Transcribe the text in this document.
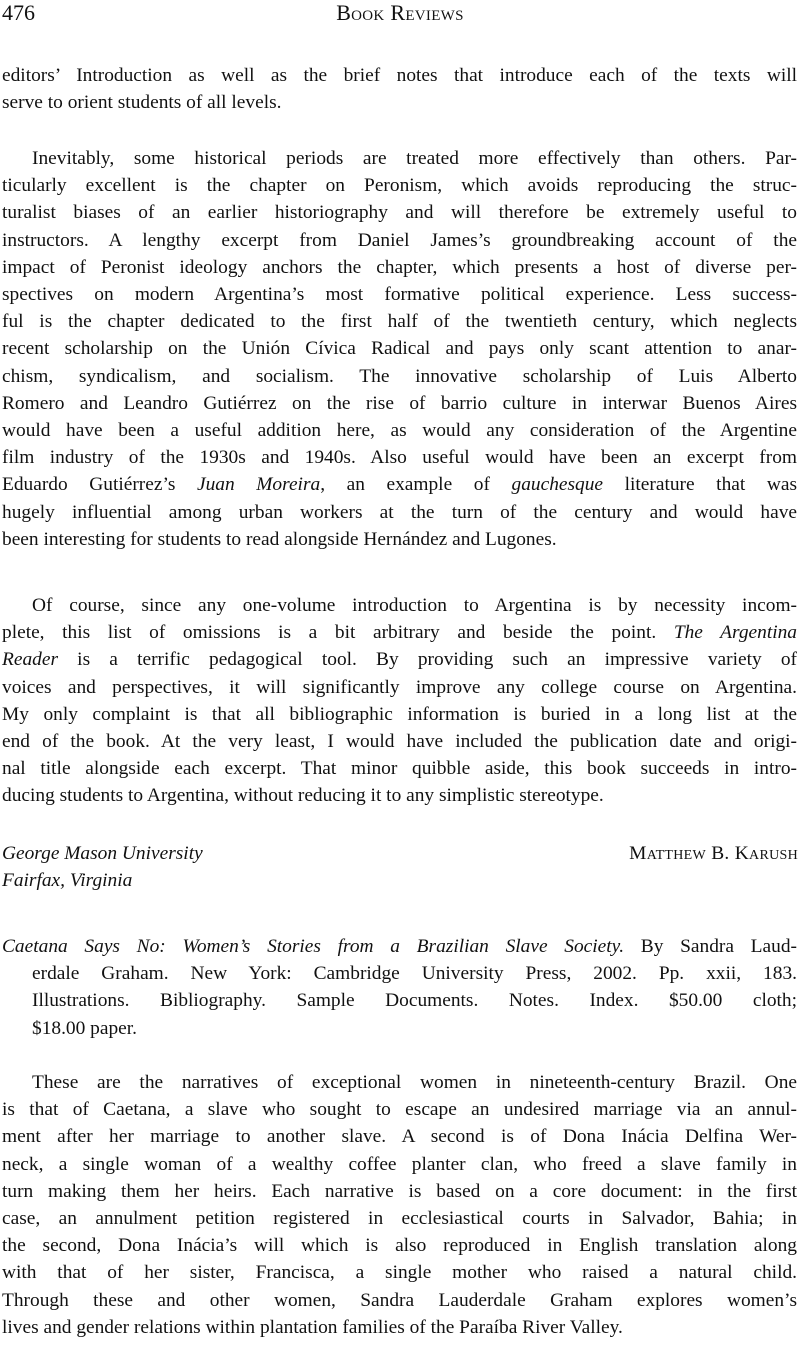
476	Book Reviews
editors’ Introduction as well as the brief notes that introduce each of the texts will
serve to orient students of all levels.
Inevitably, some historical periods are treated more effectively than others. Par-
ticularly excellent is the chapter on Peronism, which avoids reproducing the struc-
turalist biases of an earlier historiography and will therefore be extremely useful to
instructors. A lengthy excerpt from Daniel James’s groundbreaking account of the
impact of Peronist ideology anchors the chapter, which presents a host of diverse per-
spectives on modern Argentina’s most formative political experience. Less success-
ful is the chapter dedicated to the first half of the twentieth century, which neglects
recent scholarship on the Unión Cívica Radical and pays only scant attention to anar-
chism, syndicalism, and socialism. The innovative scholarship of Luis Alberto
Romero and Leandro Gutiérrez on the rise of barrio culture in interwar Buenos Aires
would have been a useful addition here, as would any consideration of the Argentine
film industry of the 1930s and 1940s. Also useful would have been an excerpt from
Eduardo Gutiérrez’s Juan Moreira, an example of gauchesque literature that was
hugely influential among urban workers at the turn of the century and would have
been interesting for students to read alongside Hernández and Lugones.
Of course, since any one-volume introduction to Argentina is by necessity incom-
plete, this list of omissions is a bit arbitrary and beside the point. The Argentina
Reader is a terrific pedagogical tool. By providing such an impressive variety of
voices and perspectives, it will significantly improve any college course on Argentina.
My only complaint is that all bibliographic information is buried in a long list at the
end of the book. At the very least, I would have included the publication date and origi-
nal title alongside each excerpt. That minor quibble aside, this book succeeds in intro-
ducing students to Argentina, without reducing it to any simplistic stereotype.
George Mason University
Fairfax, Virginia
Matthew B. Karush
Caetana Says No: Women’s Stories from a Brazilian Slave Society. By Sandra Laud-
erdale Graham. New York: Cambridge University Press, 2002. Pp. xxii, 183.
Illustrations. Bibliography. Sample Documents. Notes. Index. $50.00 cloth;
$18.00 paper.
These are the narratives of exceptional women in nineteenth-century Brazil. One
is that of Caetana, a slave who sought to escape an undesired marriage via an annul-
ment after her marriage to another slave. A second is of Dona Inácia Delfina Wer-
neck, a single woman of a wealthy coffee planter clan, who freed a slave family in
turn making them her heirs. Each narrative is based on a core document: in the first
case, an annulment petition registered in ecclesiastical courts in Salvador, Bahia; in
the second, Dona Inácia’s will which is also reproduced in English translation along
with that of her sister, Francisca, a single mother who raised a natural child.
Through these and other women, Sandra Lauderdale Graham explores women’s
lives and gender relations within plantation families of the Paraíba River Valley.
